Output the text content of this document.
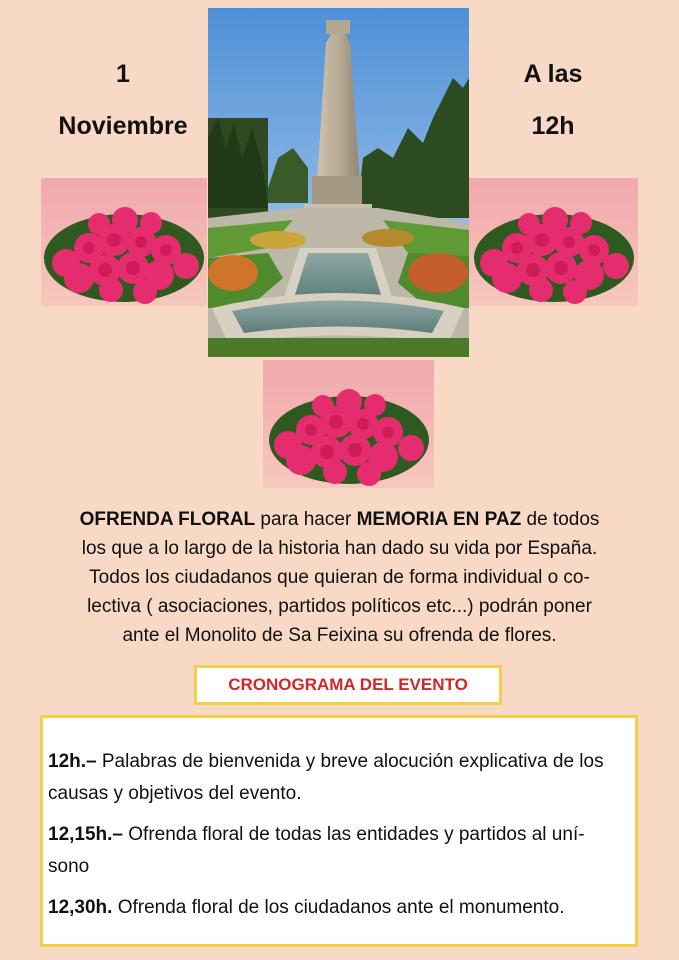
1
Noviembre
A las
12h

OFRENDA FLORAL para hacer MEMORIA EN PAZ de todos
los que a lo largo de la historia han dado su vida por España.
Todos los ciudadanos que quieran de forma individual o co-
lectiva ( asociaciones, partidos políticos etc...) podrán poner
ante el Monolito de Sa Feixina su ofrenda de flores.

CRONOGRAMA DEL EVENTO

12h.– Palabras de bienvenida y breve alocución explicativa de los causas y objetivos del evento.

12,15h.– Ofrenda floral de todas las entidades y partidos al uní-sono

12,30h. Ofrenda floral de los ciudadanos ante el monumento.
